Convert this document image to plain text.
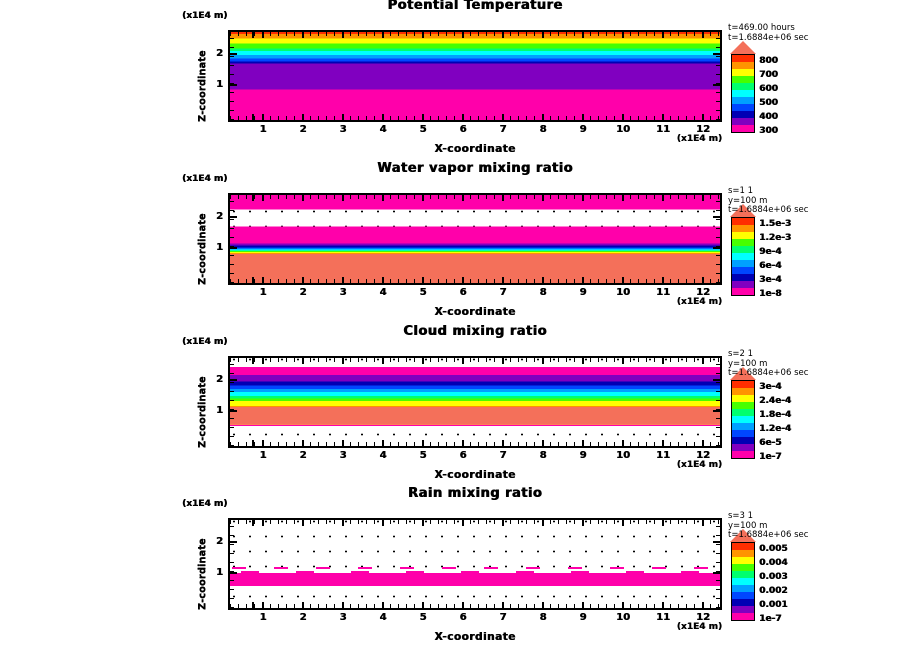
Potential Temperature
(x1E4 m)
Z-coordinate 2
1
1	2	3	4	5	6	7	8	9	10	11	12
(x1E4 m)
X-coordinate
800
700
600
500
400
300
t=469.00 hours
t=1.6884e+06 sec
Water vapor mixing ratio
(x1E4 m)
Z-coordinate 2
1
1	2	3	4	5	6	7	8	9	10	11	12
(x1E4 m)
X-coordinate
1.5e-3
1.2e-3
9e-4
6e-4
3e-4
1e-8
s=1 1
y=100 m
t=1.6884e+06 sec
Cloud mixing ratio
(x1E4 m)
Z-coordinate 2
1
1	2	3	4	5	6	7	8	9	10	11	12
(x1E4 m)
X-coordinate
3e-4
2.4e-4
1.8e-4
1.2e-4
6e-5
1e-7
s=2 1
y=100 m
t=1.6884e+06 sec
Rain mixing ratio
(x1E4 m)
Z-coordinate 2
1
1	2	3	4	5	6	7	8	9	10	11	12
(x1E4 m)
X-coordinate
0.005
0.004
0.003
0.002
0.001
1e-7
s=3 1
y=100 m
t=1.6884e+06 sec
